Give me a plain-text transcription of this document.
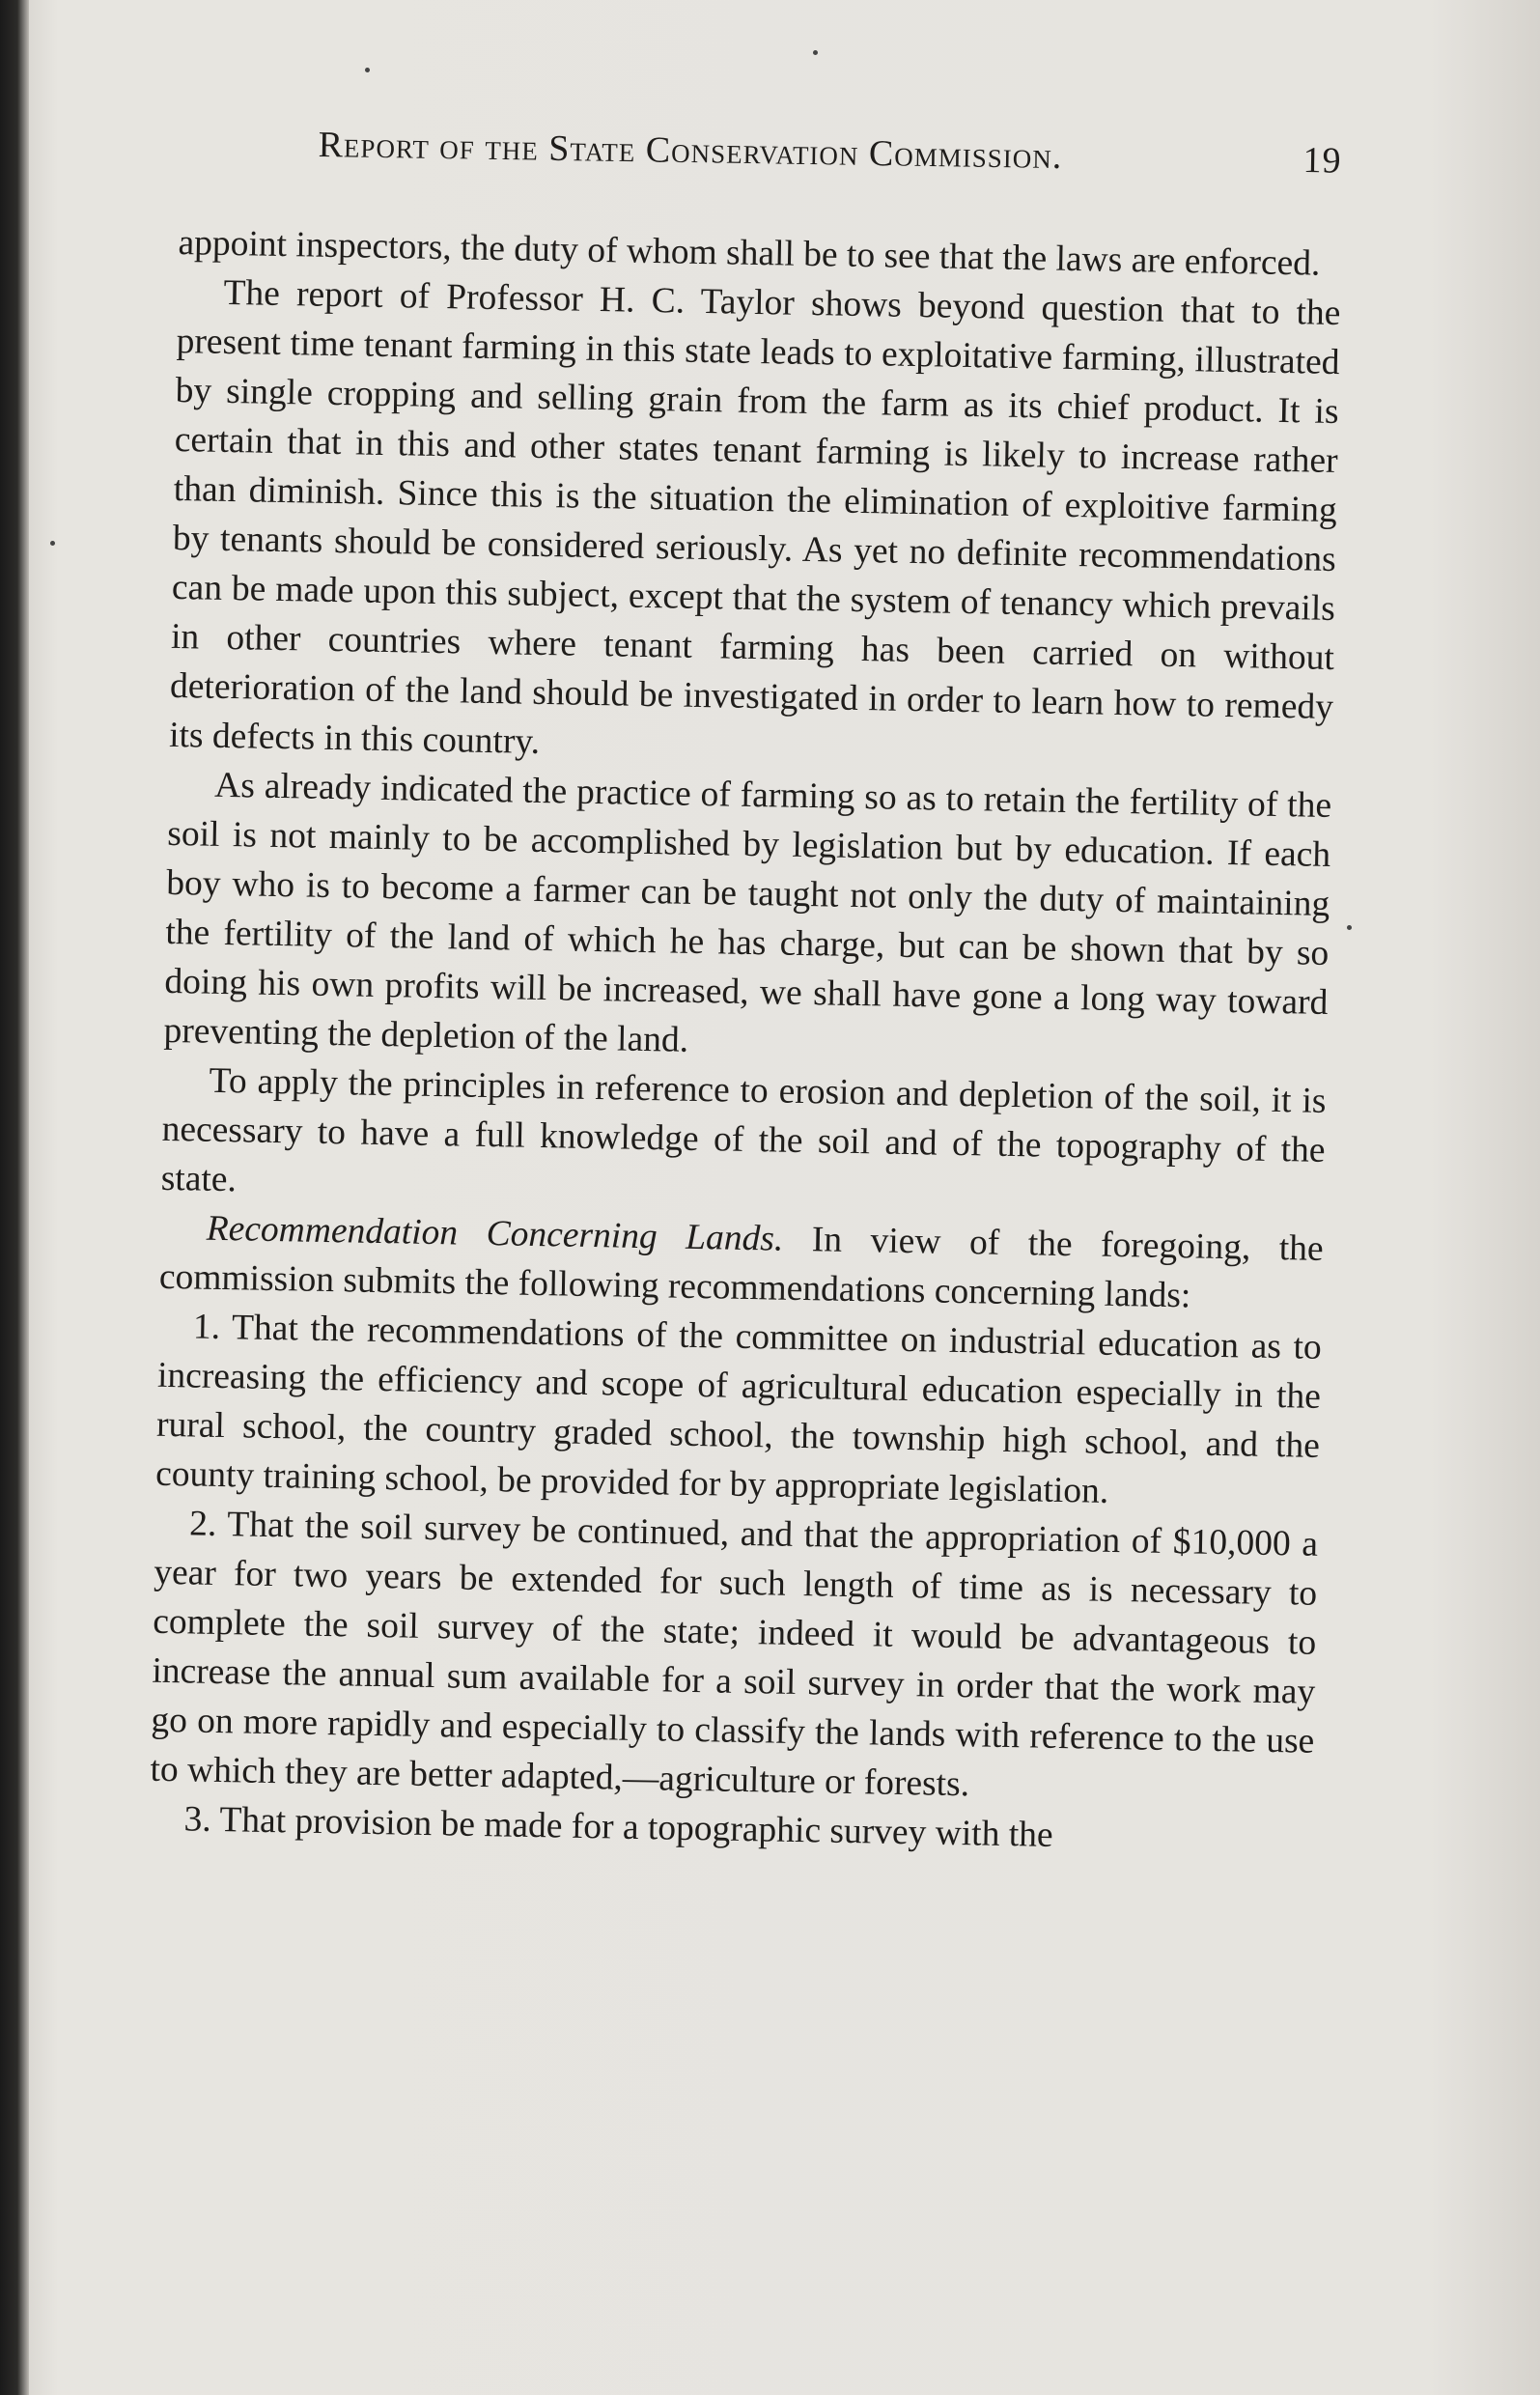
Report of the State Conservation Commission.	19

appoint inspectors, the duty of whom shall be to see that the laws are enforced.

The report of Professor H. C. Taylor shows beyond question that to the present time tenant farming in this state leads to exploitative farming, illustrated by single cropping and selling grain from the farm as its chief product. It is certain that in this and other states tenant farming is likely to increase rather than diminish. Since this is the situation the elimination of exploitive farming by tenants should be considered seriously. As yet no definite recommendations can be made upon this subject, except that the system of tenancy which prevails in other countries where tenant farming has been carried on without deterioration of the land should be investigated in order to learn how to remedy its defects in this country.

As already indicated the practice of farming so as to retain the fertility of the soil is not mainly to be accomplished by legislation but by education. If each boy who is to become a farmer can be taught not only the duty of maintaining the fertility of the land of which he has charge, but can be shown that by so doing his own profits will be increased, we shall have gone a long way toward preventing the depletion of the land.

To apply the principles in reference to erosion and depletion of the soil, it is necessary to have a full knowledge of the soil and of the topography of the state.

Recommendation Concerning Lands. In view of the foregoing, the commission submits the following recommendations concerning lands:

1. That the recommendations of the committee on industrial education as to increasing the efficiency and scope of agricultural education especially in the rural school, the country graded school, the township high school, and the county training school, be provided for by appropriate legislation.

2. That the soil survey be continued, and that the appropriation of $10,000 a year for two years be extended for such length of time as is necessary to complete the soil survey of the state; indeed it would be advantageous to increase the annual sum available for a soil survey in order that the work may go on more rapidly and especially to classify the lands with reference to the use to which they are better adapted,—agriculture or forests.

3. That provision be made for a topographic survey with the
